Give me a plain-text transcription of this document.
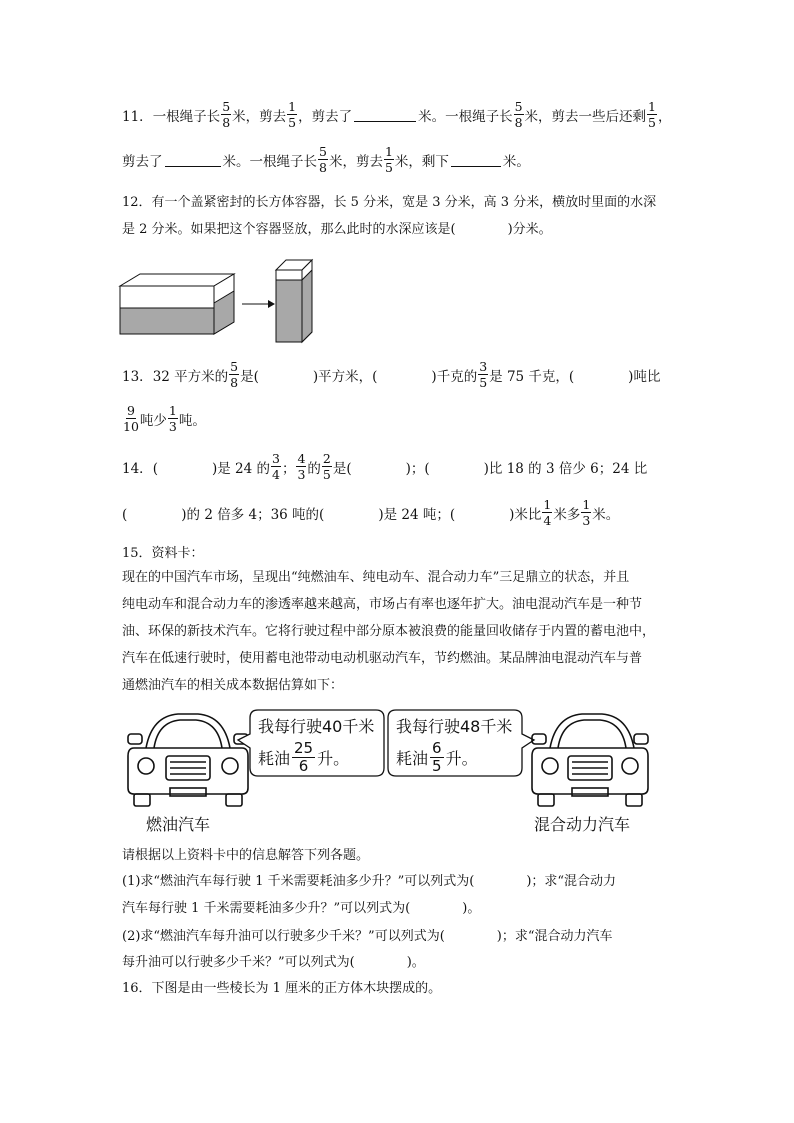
11． 一根绳子长 $\frac{5}{8}$ 米，剪去 $\frac{1}{5}$ ，剪去了	米。一根绳子长 $\frac{5}{8}$ 米，剪去一些后还剩 $\frac{1}{5}$ ，
剪去了	米。一根绳子长 $\frac{5}{8}$ 米，剪去 $\frac{1}{5}$ 米，剩下	米。
12．有一个盖紧密封的长方体容器，长 5 分米，宽是 3 分米，高 3 分米，横放时里面的水深
是 2 分米。如果把这个容器竖放，那么此时的水深应该是(　　　　)分米。
13． 32 平方米的 $\frac{5}{8}$ 是(　　　　)平方米，(　　　　)千克的 $\frac{3}{5}$ 是 75 千克，(　　　　)吨比
$\frac{9}{10}$ 吨少 $\frac{1}{3}$ 吨。
14． (　　　　)是 24 的 $\frac{3}{4}$ ； $\frac{4}{3}$ 的 $\frac{2}{5}$ 是(　　　　)；(　　　　)比 18 的 3 倍少 6；24 比
(　　　　)的 2 倍多 4；36 吨的(　　　　)是 24 吨；(　　　　)米比 $\frac{1}{4}$ 米多 $\frac{1}{3}$ 米。
15．资料卡：
现在的中国汽车市场，呈现出“纯燃油车、纯电动车、混合动力车”三足鼎立的状态，并且
纯电动车和混合动力车的渗透率越来越高，市场占有率也逐年扩大。油电混动汽车是一种节
油、环保的新技术汽车。它将行驶过程中部分原本被浪费的能量回收储存于内置的蓄电池中，
汽车在低速行驶时，使用蓄电池带动电动机驱动汽车，节约燃油。某品牌油电混动汽车与普
通燃油汽车的相关成本数据估算如下：
我每行驶40千米
耗油 $\frac{25}{6}$ 升。
我每行驶48千米
耗油 $\frac{6}{5}$ 升。
燃油汽车	混合动力汽车
请根据以上资料卡中的信息解答下列各题。
(1)求“燃油汽车每行驶 1 千米需要耗油多少升？”可以列式为(　　　　)；求“混合动力
汽车每行驶 1 千米需要耗油多少升？”可以列式为(　　　　)。
(2)求“燃油汽车每升油可以行驶多少千米？”可以列式为(　　　　)；求“混合动力汽车
每升油可以行驶多少千米？”可以列式为(　　　　)。
16．下图是由一些棱长为 1 厘米的正方体木块摆成的。
